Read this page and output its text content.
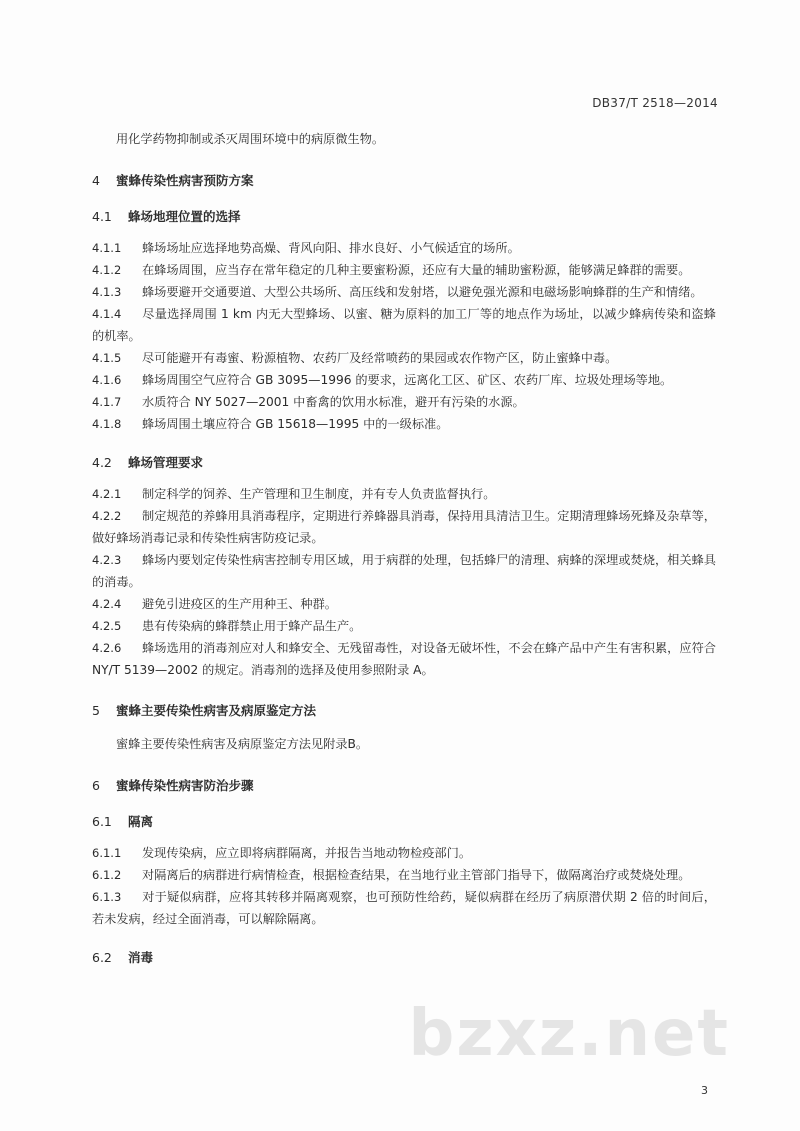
DB37/T 2518—2014

用化学药物抑制或杀灭周围环境中的病原微生物。

4 蜜蜂传染性病害预防方案
4.1 蜂场地理位置的选择

4.1.1 蜂场场址应选择地势高燥、背风向阳、排水良好、小气候适宜的场所。

4.1.2 在蜂场周围，应当存在常年稳定的几种主要蜜粉源，还应有大量的辅助蜜粉源，能够满足蜂群的需要。

4.1.3 蜂场要避开交通要道、大型公共场所、高压线和发射塔，以避免强光源和电磁场影响蜂群的生产和情绪。

4.1.4 尽量选择周围 1 km 内无大型蜂场、以蜜、糖为原料的加工厂等的地点作为场址，以减少蜂病传染和盗蜂的机率。

4.1.5 尽可能避开有毒蜜、粉源植物、农药厂及经常喷药的果园或农作物产区，防止蜜蜂中毒。

4.1.6 蜂场周围空气应符合 GB 3095—1996 的要求，远离化工区、矿区、农药厂库、垃圾处理场等地。

4.1.7 水质符合 NY 5027—2001 中畜禽的饮用水标准，避开有污染的水源。

4.1.8 蜂场周围土壤应符合 GB 15618—1995 中的一级标准。

4.2 蜂场管理要求

4.2.1 制定科学的饲养、生产管理和卫生制度，并有专人负责监督执行。

4.2.2 制定规范的养蜂用具消毒程序，定期进行养蜂器具消毒，保持用具清洁卫生。定期清理蜂场死蜂及杂草等，做好蜂场消毒记录和传染性病害防疫记录。

4.2.3 蜂场内要划定传染性病害控制专用区域，用于病群的处理，包括蜂尸的清理、病蜂的深埋或焚烧，相关蜂具的消毒。

4.2.4 避免引进疫区的生产用种王、种群。

4.2.5 患有传染病的蜂群禁止用于蜂产品生产。

4.2.6 蜂场选用的消毒剂应对人和蜂安全、无残留毒性，对设备无破坏性，不会在蜂产品中产生有害积累，应符合 NY/T 5139—2002 的规定。消毒剂的选择及使用参照附录 A。

5 蜜蜂主要传染性病害及病原鉴定方法

蜜蜂主要传染性病害及病原鉴定方法见附录B。

6 蜜蜂传染性病害防治步骤
6.1 隔离

6.1.1 发现传染病，应立即将病群隔离，并报告当地动物检疫部门。

6.1.2 对隔离后的病群进行病情检查，根据检查结果，在当地行业主管部门指导下，做隔离治疗或焚烧处理。

6.1.3 对于疑似病群，应将其转移并隔离观察，也可预防性给药，疑似病群在经历了病原潜伏期 2 倍的时间后，若未发病，经过全面消毒，可以解除隔离。

6.2 消毒
bzxz.net
3
